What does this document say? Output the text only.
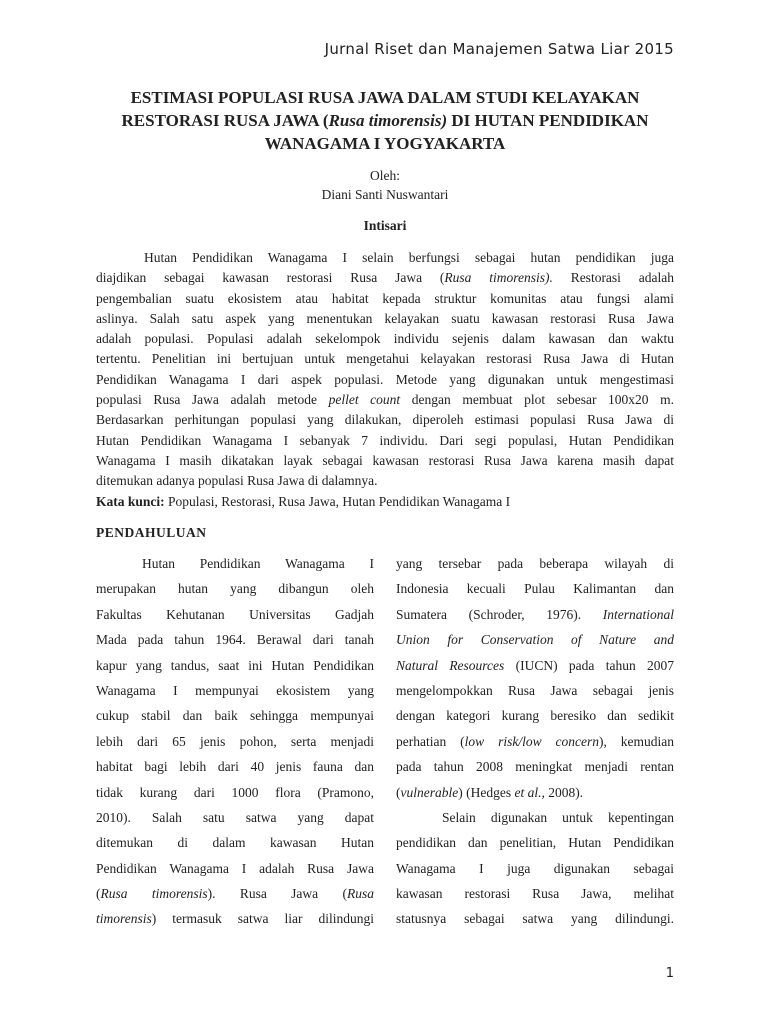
Jurnal Riset dan Manajemen Satwa Liar 2015
ESTIMASI POPULASI RUSA JAWA DALAM STUDI KELAYAKAN
RESTORASI RUSA JAWA (Rusa timorensis) DI HUTAN PENDIDIKAN
WANAGAMA I YOGYAKARTA
Oleh:
Diani Santi Nuswantari
Intisari
Hutan Pendidikan Wanagama I selain berfungsi sebagai hutan pendidikan juga
diajdikan sebagai kawasan restorasi Rusa Jawa (Rusa timorensis). Restorasi adalah
pengembalian suatu ekosistem atau habitat kepada struktur komunitas atau fungsi alami
aslinya. Salah satu aspek yang menentukan kelayakan suatu kawasan restorasi Rusa Jawa
adalah populasi. Populasi adalah sekelompok individu sejenis dalam kawasan dan waktu
tertentu. Penelitian ini bertujuan untuk mengetahui kelayakan restorasi Rusa Jawa di Hutan
Pendidikan Wanagama I dari aspek populasi. Metode yang digunakan untuk mengestimasi
populasi Rusa Jawa adalah metode pellet count dengan membuat plot sebesar 100x20 m.
Berdasarkan perhitungan populasi yang dilakukan, diperoleh estimasi populasi Rusa Jawa di
Hutan Pendidikan Wanagama I sebanyak 7 individu. Dari segi populasi, Hutan Pendidikan
Wanagama I masih dikatakan layak sebagai kawasan restorasi Rusa Jawa karena masih dapat
ditemukan adanya populasi Rusa Jawa di dalamnya.
Kata kunci: Populasi, Restorasi, Rusa Jawa, Hutan Pendidikan Wanagama I
PENDAHULUAN
Hutan Pendidikan Wanagama I
merupakan hutan yang dibangun oleh
Fakultas Kehutanan Universitas Gadjah
Mada pada tahun 1964. Berawal dari tanah
kapur yang tandus, saat ini Hutan Pendidikan
Wanagama I mempunyai ekosistem yang
cukup stabil dan baik sehingga mempunyai
lebih dari 65 jenis pohon, serta menjadi
habitat bagi lebih dari 40 jenis fauna dan
tidak kurang dari 1000 flora (Pramono,
2010). Salah satu satwa yang dapat
ditemukan di dalam kawasan Hutan
Pendidikan Wanagama I adalah Rusa Jawa
(Rusa timorensis). Rusa Jawa (Rusa
timorensis) termasuk satwa liar dilindungi
yang tersebar pada beberapa wilayah di
Indonesia kecuali Pulau Kalimantan dan
Sumatera (Schroder, 1976). International
Union for Conservation of Nature and
Natural Resources (IUCN) pada tahun 2007
mengelompokkan Rusa Jawa sebagai jenis
dengan kategori kurang beresiko dan sedikit
perhatian (low risk/low concern), kemudian
pada tahun 2008 meningkat menjadi rentan
(vulnerable) (Hedges et al., 2008).
Selain digunakan untuk kepentingan
pendidikan dan penelitian, Hutan Pendidikan
Wanagama I juga digunakan sebagai
kawasan restorasi Rusa Jawa, melihat
statusnya sebagai satwa yang dilindungi.
1
